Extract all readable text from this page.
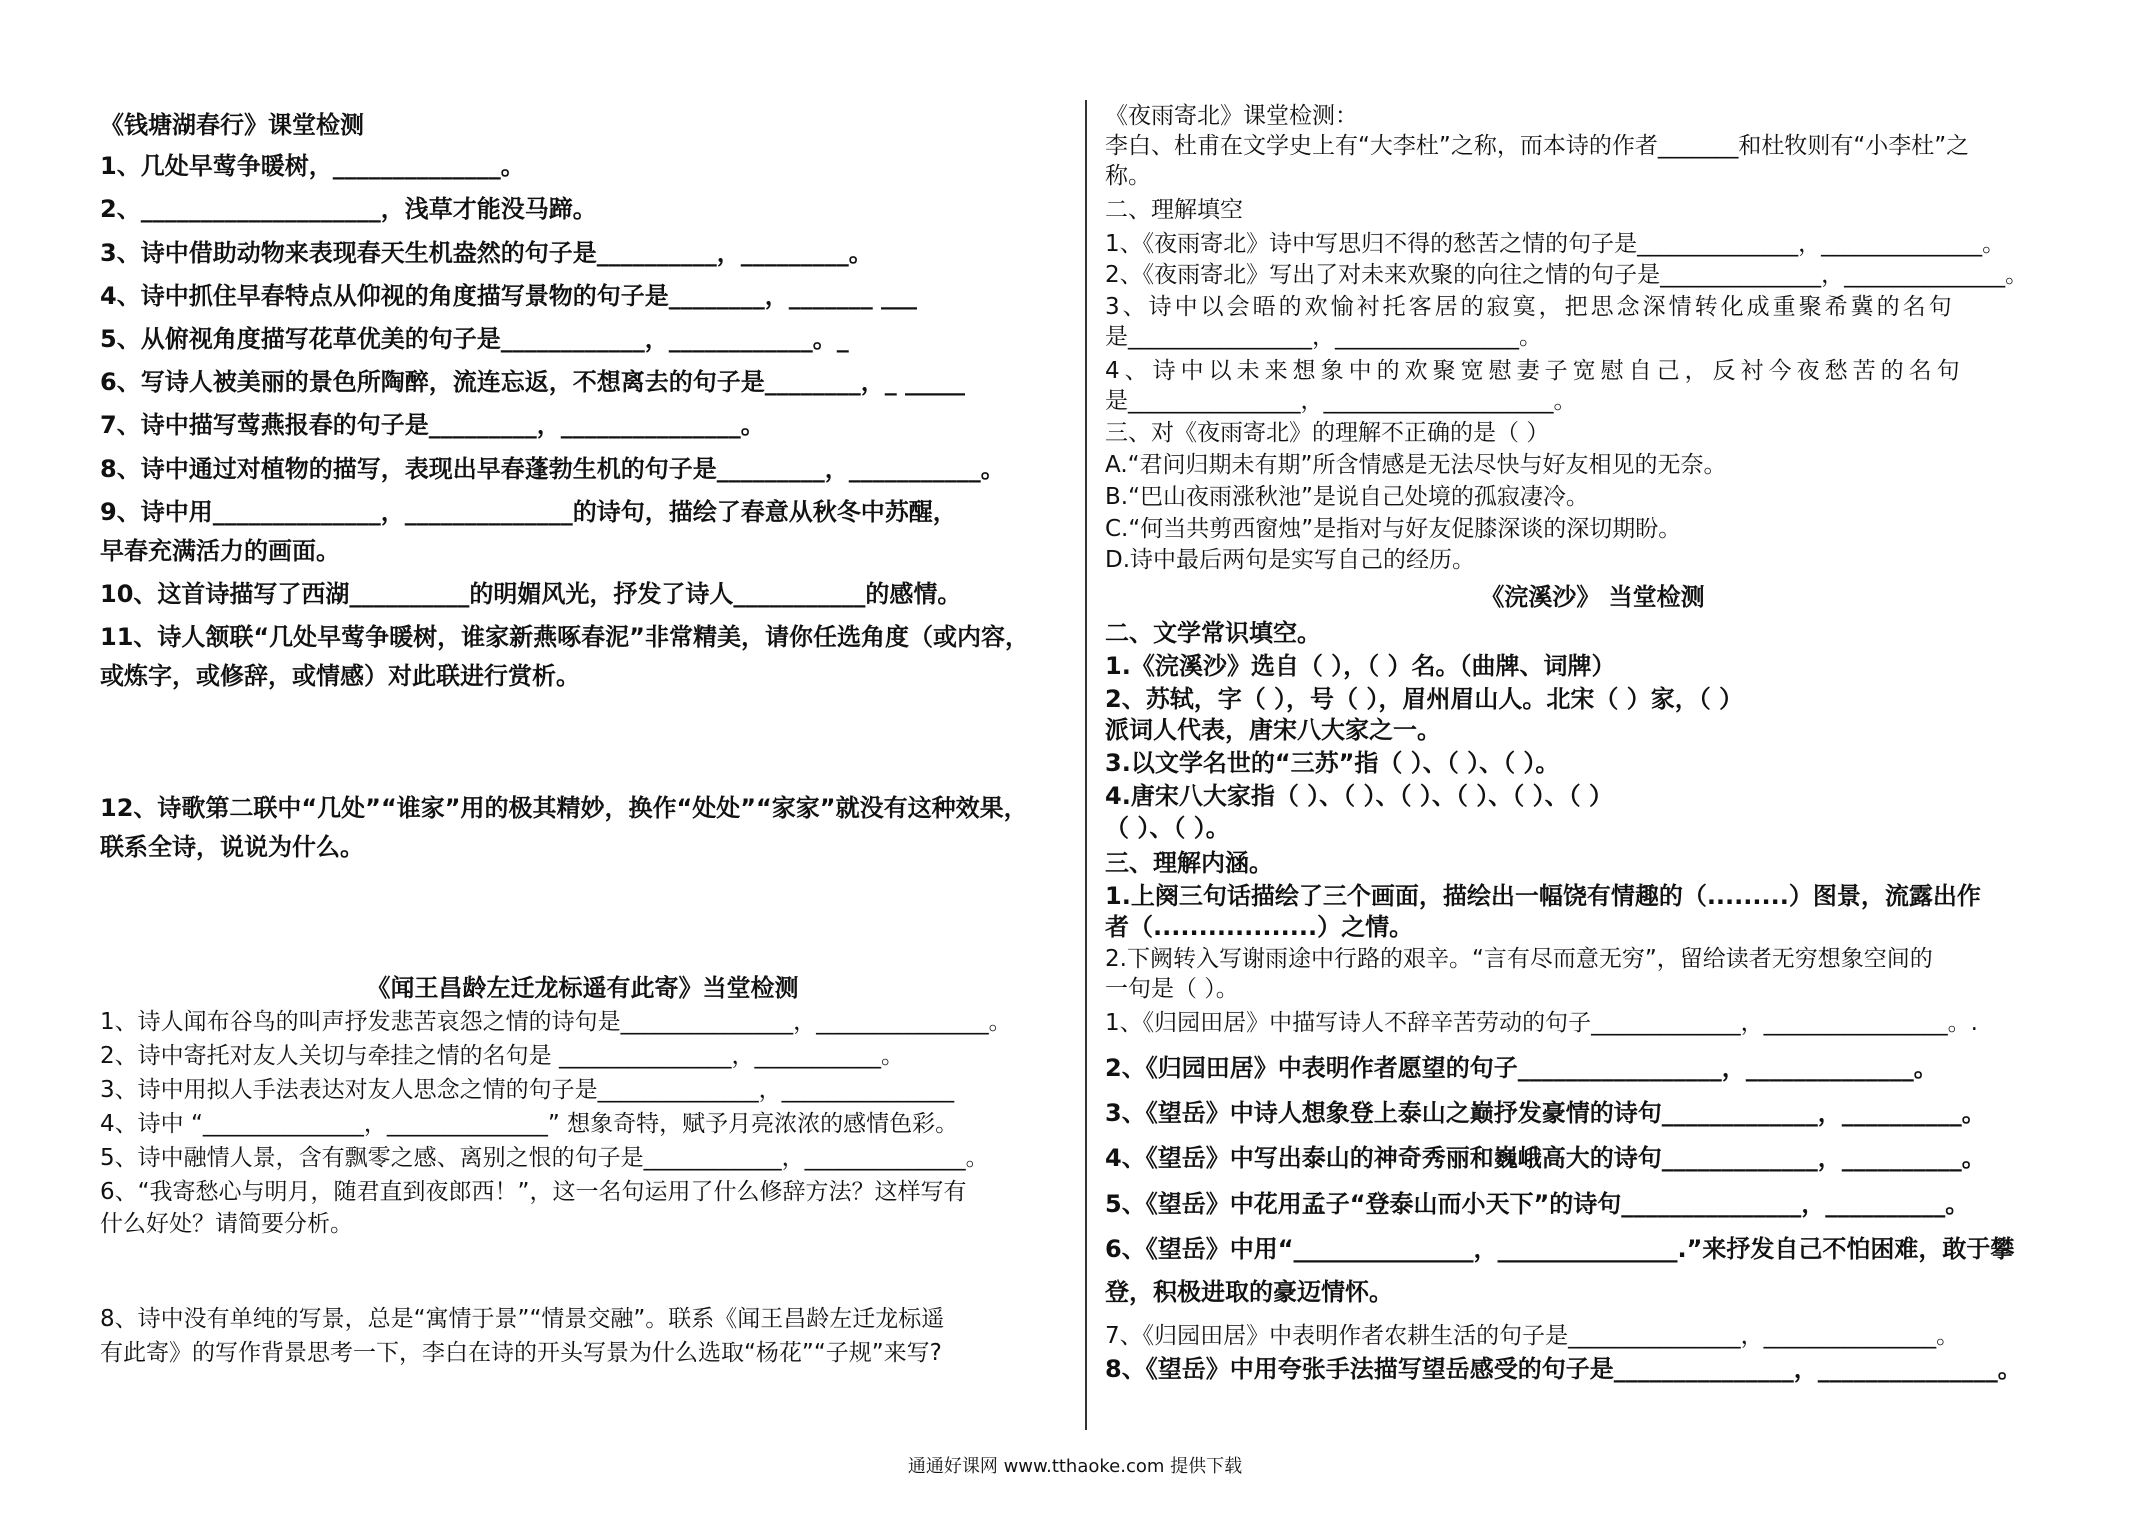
《钱塘湖春行》课堂检测
1、几处早莺争暖树，______________。
2、____________________，浅草才能没马蹄。
3、诗中借助动物来表现春天生机盎然的句子是__________，_________。
4、诗中抓住早春特点从仰视的角度描写景物的句子是________，_______ ___
5、从俯视角度描写花草优美的句子是____________，____________。_
6、写诗人被美丽的景色所陶醉，流连忘返，不想离去的句子是________，_ _____
7、诗中描写莺燕报春的句子是_________，_______________。
8、诗中通过对植物的描写，表现出早春蓬勃生机的句子是_________，___________。
9、诗中用______________，______________的诗句，描绘了春意从秋冬中苏醒，
早春充满活力的画面。
10、这首诗描写了西湖__________的明媚风光，抒发了诗人___________的感情。
11、诗人颔联“几处早莺争暖树，谁家新燕啄春泥”非常精美，请你任选角度（或内容，
或炼字，或修辞，或情感）对此联进行赏析。
12、诗歌第二联中“几处”“谁家”用的极其精妙，换作“处处”“家家”就没有这种效果，
联系全诗，说说为什么。
《闻王昌龄左迁龙标遥有此寄》当堂检测
1、诗人闻布谷鸟的叫声抒发悲苦哀怨之情的诗句是_______________，_______________。
2、诗中寄托对友人关切与牵挂之情的名句是 _______________，___________。
3、诗中用拟人手法表达对友人思念之情的句子是______________，_______________
4、诗中 “______________，______________” 想象奇特，赋予月亮浓浓的感情色彩。
5、诗中融情人景，含有飘零之感、离别之恨的句子是____________，______________。
6、“我寄愁心与明月，随君直到夜郎西！”，这一名句运用了什么修辞方法？这样写有
什么好处？请简要分析。
8、诗中没有单纯的写景，总是“寓情于景”“情景交融”。联系《闻王昌龄左迁龙标遥
有此寄》的写作背景思考一下，李白在诗的开头写景为什么选取“杨花”“子规”来写?
《夜雨寄北》课堂检测：
李白、杜甫在文学史上有“大李杜”之称，而本诗的作者_______和杜牧则有“小李杜”之
称。
二、理解填空
1、《夜雨寄北》诗中写思归不得的愁苦之情的句子是______________，______________。
2、《夜雨寄北》写出了对未来欢聚的向往之情的句子是______________，______________。
3、诗中以会晤的欢愉衬托客居的寂寞，把思念深情转化成重聚希冀的名句
是________________，________________。
4、诗中以未来想象中的欢聚宽慰妻子宽慰自己，反衬今夜愁苦的名句
是_______________，____________________。
三、对《夜雨寄北》的理解不正确的是（ ）
A.“君问归期未有期”所含情感是无法尽快与好友相见的无奈。
B.“巴山夜雨涨秋池”是说自己处境的孤寂凄冷。
C.“何当共剪西窗烛”是指对与好友促膝深谈的深切期盼。
D.诗中最后两句是实写自己的经历。
《浣溪沙》 当堂检测
二、文学常识填空。
1.《浣溪沙》选自（ ），（ ）名。（曲牌、词牌）
2、苏轼，字（ ），号（ ），眉州眉山人。北宋（ ）家，（ ）
派词人代表，唐宋八大家之一。
3.以文学名世的“三苏”指（ ）、（ ）、（ ）。
4.唐宋八大家指（ ）、（ ）、（ ）、（ ）、（ ）、（ ）
（ ）、（ ）。
三、理解内涵。
1.上阕三句话描绘了三个画面，描绘出一幅饶有情趣的（.........）图景，流露出作
者（..................）之情。
2.下阙转入写谢雨途中行路的艰辛。“言有尽而意无穷”，留给读者无穷想象空间的
一句是（ ）。
1、《归园田居》中描写诗人不辞辛苦劳动的句子_____________，________________。.
2、《归园田居》中表明作者愿望的句子_________________，______________。
3、《望岳》中诗人想象登上泰山之巅抒发豪情的诗句_____________，__________。
4、《望岳》中写出泰山的神奇秀丽和巍峨高大的诗句_____________，__________。
5、《望岳》中花用孟子“登泰山而小天下”的诗句_______________，__________。
6、《望岳》中用“_______________，_______________.”来抒发自己不怕困难，敢于攀
登，积极进取的豪迈情怀。
7、《归园田居》中表明作者农耕生活的句子是_______________，_______________。
8、《望岳》中用夸张手法描写望岳感受的句子是_______________，_______________。
通通好课网 www.tthaoke.com 提供下载
